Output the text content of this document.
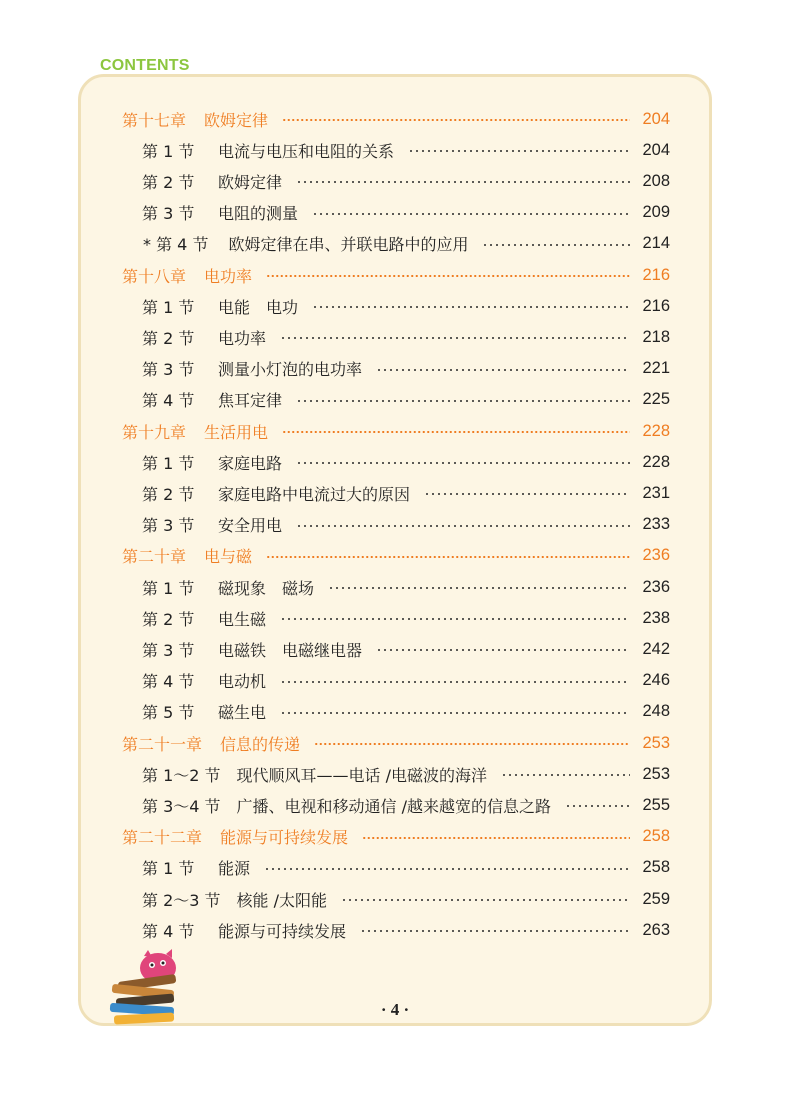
CONTENTS
第十七章 欧姆定律	204
第 1 节	电流与电压和电阻的关系	204
第 2 节	欧姆定律	208
第 3 节	电阻的测量	209
* 第 4 节 欧姆定律在串、并联电路中的应用	214
第十八章 电功率	216
第 1 节	电能　电功	216
第 2 节	电功率	218
第 3 节	测量小灯泡的电功率	221
第 4 节	焦耳定律	225
第十九章 生活用电	228
第 1 节	家庭电路	228
第 2 节	家庭电路中电流过大的原因	231
第 3 节	安全用电	233
第二十章 电与磁	236
第 1 节	磁现象　磁场	236
第 2 节	电生磁	238
第 3 节	电磁铁　电磁继电器	242
第 4 节	电动机	246
第 5 节	磁生电	248
第二十一章 信息的传递	253
第 1～2 节 现代顺风耳——电话 /电磁波的海洋	253
第 3～4 节 广播、电视和移动通信 /越来越宽的信息之路	255
第二十二章 能源与可持续发展	258
第 1 节	能源	258
第 2～3 节 核能 /太阳能	259
第 4 节	能源与可持续发展	263
· 4 ·
